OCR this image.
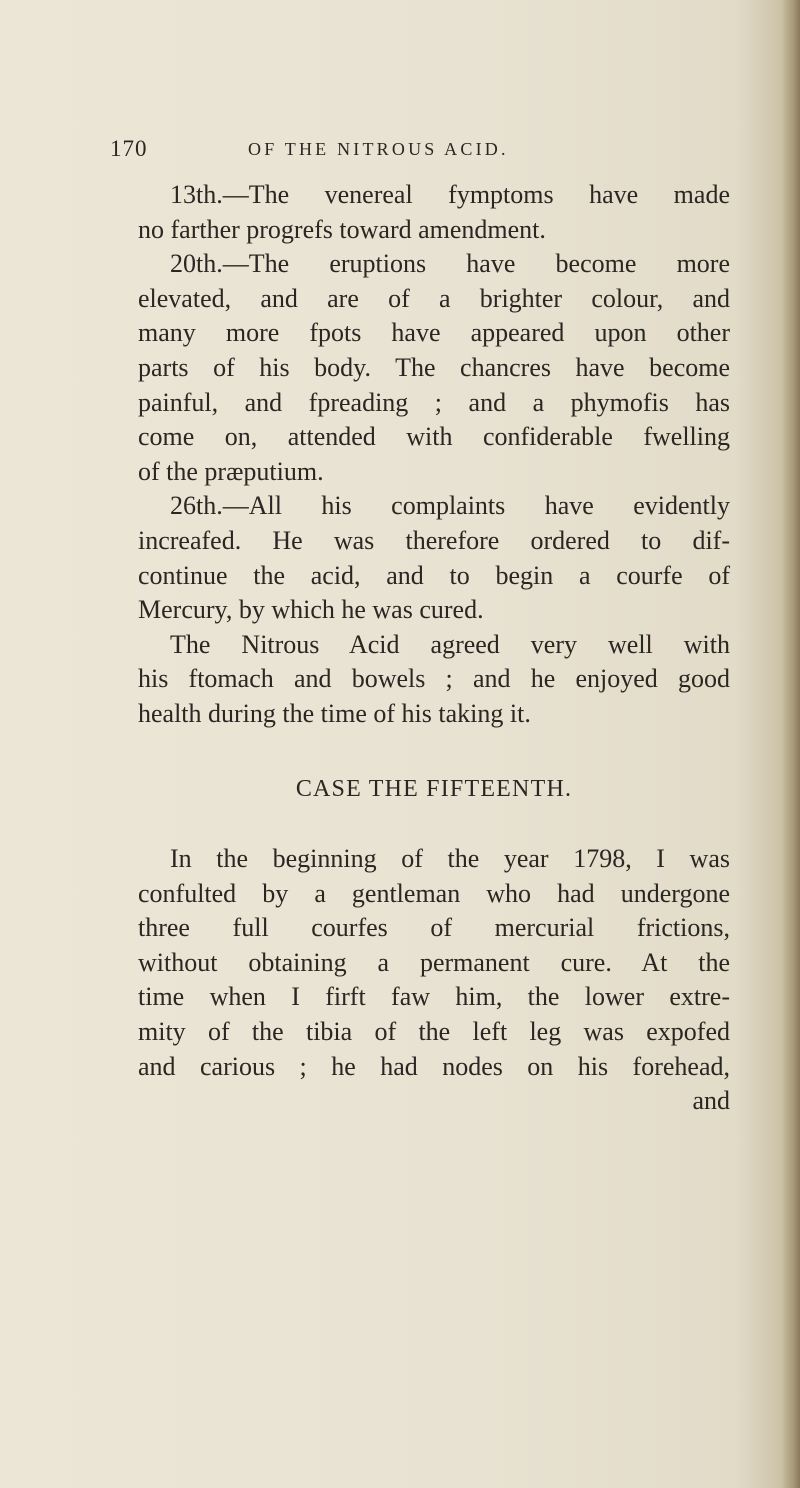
170	OF THE NITROUS ACID.
13th.—The venereal fymptoms have made
no farther progrefs toward amendment.
20th.—The eruptions have become more
elevated, and are of a brighter colour, and
many more fpots have appeared upon other
parts of his body. The chancres have become
painful, and fpreading ; and a phymofis has
come on, attended with confiderable fwelling
of the præputium.
26th.—All his complaints have evidently
increafed. He was therefore ordered to dif-
continue the acid, and to begin a courfe of
Mercury, by which he was cured.
The Nitrous Acid agreed very well with
his ftomach and bowels ; and he enjoyed good
health during the time of his taking it.
CASE THE FIFTEENTH.
In the beginning of the year 1798, I was
confulted by a gentleman who had undergone
three full courfes of mercurial frictions,
without obtaining a permanent cure. At the
time when I firft faw him, the lower extre-
mity of the tibia of the left leg was expofed
and carious ; he had nodes on his forehead,
and
